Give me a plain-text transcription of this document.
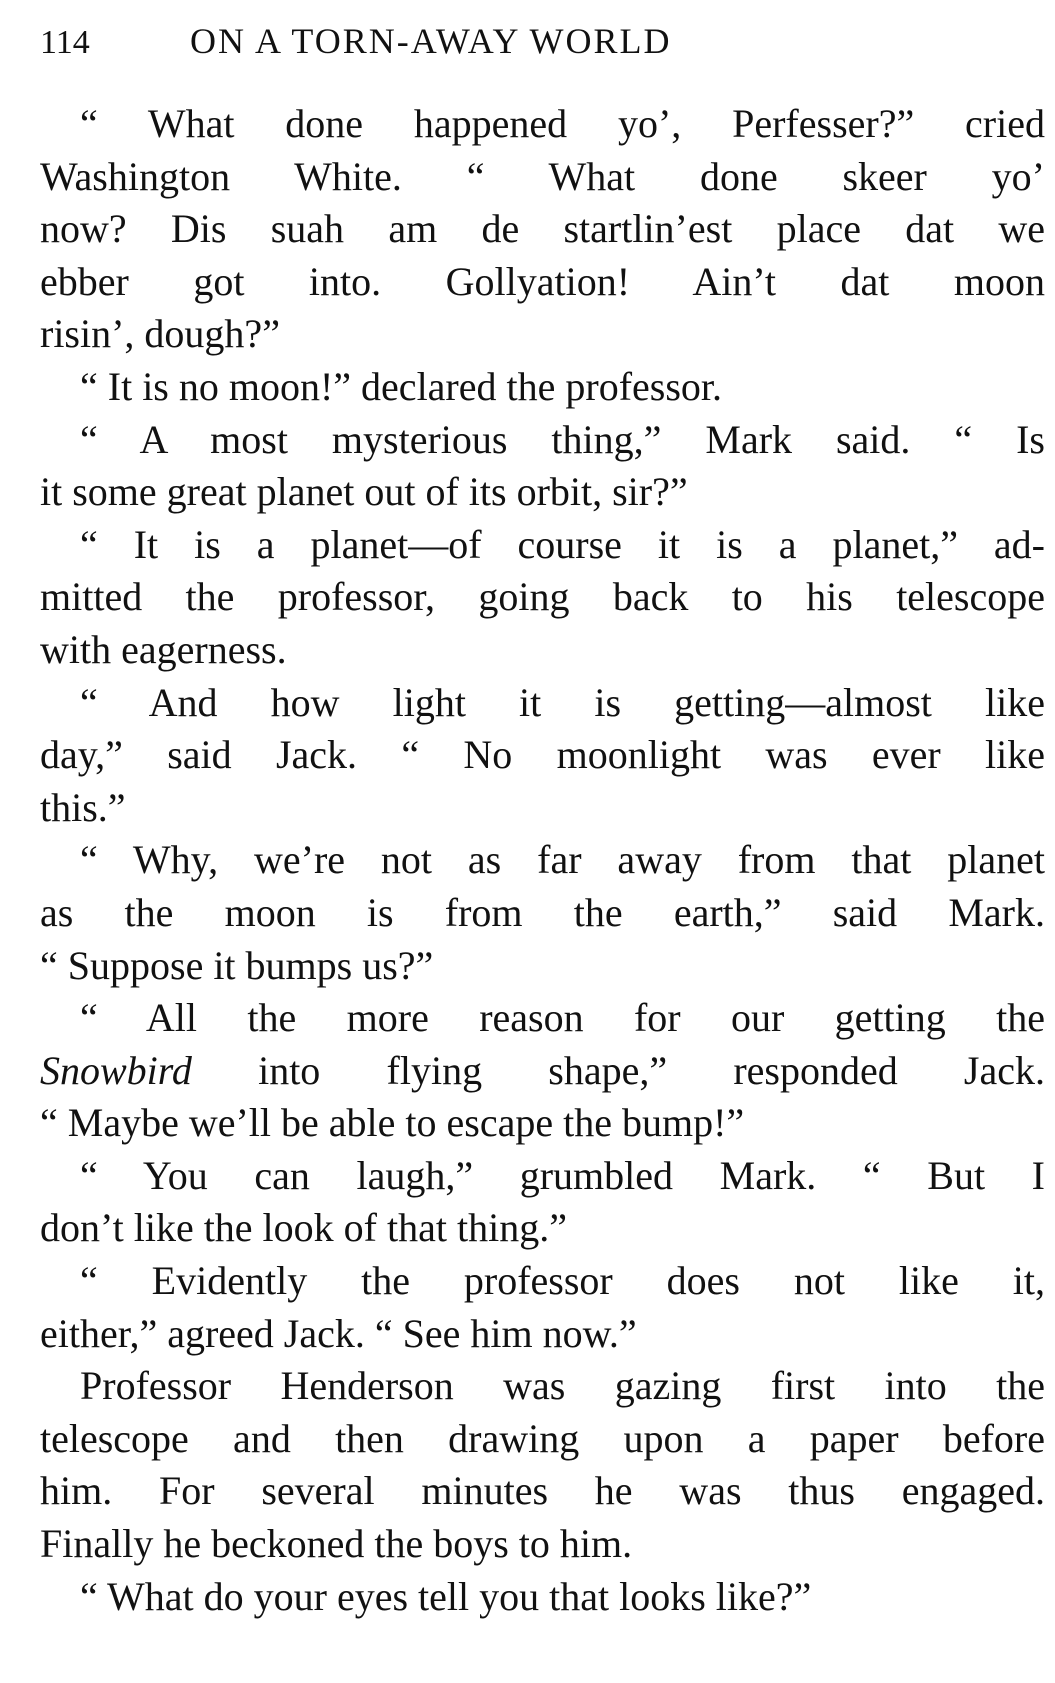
114	ON A TORN-AWAY WORLD
“ What done happened yo’, Perfesser?” cried
Washington White. “ What done skeer yo’
now? Dis suah am de startlin’est place dat we
ebber got into. Gollyation! Ain’t dat moon
risin’, dough?”
“ It is no moon!” declared the professor.
“ A most mysterious thing,” Mark said. “ Is
it some great planet out of its orbit, sir?”
“ It is a planet—of course it is a planet,” ad-
mitted the professor, going back to his telescope
with eagerness.
“ And how light it is getting—almost like
day,” said Jack. “ No moonlight was ever like
this.”
“ Why, we’re not as far away from that planet
as the moon is from the earth,” said Mark.
“ Suppose it bumps us?”
“ All the more reason for our getting the
Snowbird into flying shape,” responded Jack.
“ Maybe we’ll be able to escape the bump!”
“ You can laugh,” grumbled Mark. “ But I
don’t like the look of that thing.”
“ Evidently the professor does not like it,
either,” agreed Jack. “ See him now.”
Professor Henderson was gazing first into the
telescope and then drawing upon a paper before
him. For several minutes he was thus engaged.
Finally he beckoned the boys to him.
“ What do your eyes tell you that looks like?”
